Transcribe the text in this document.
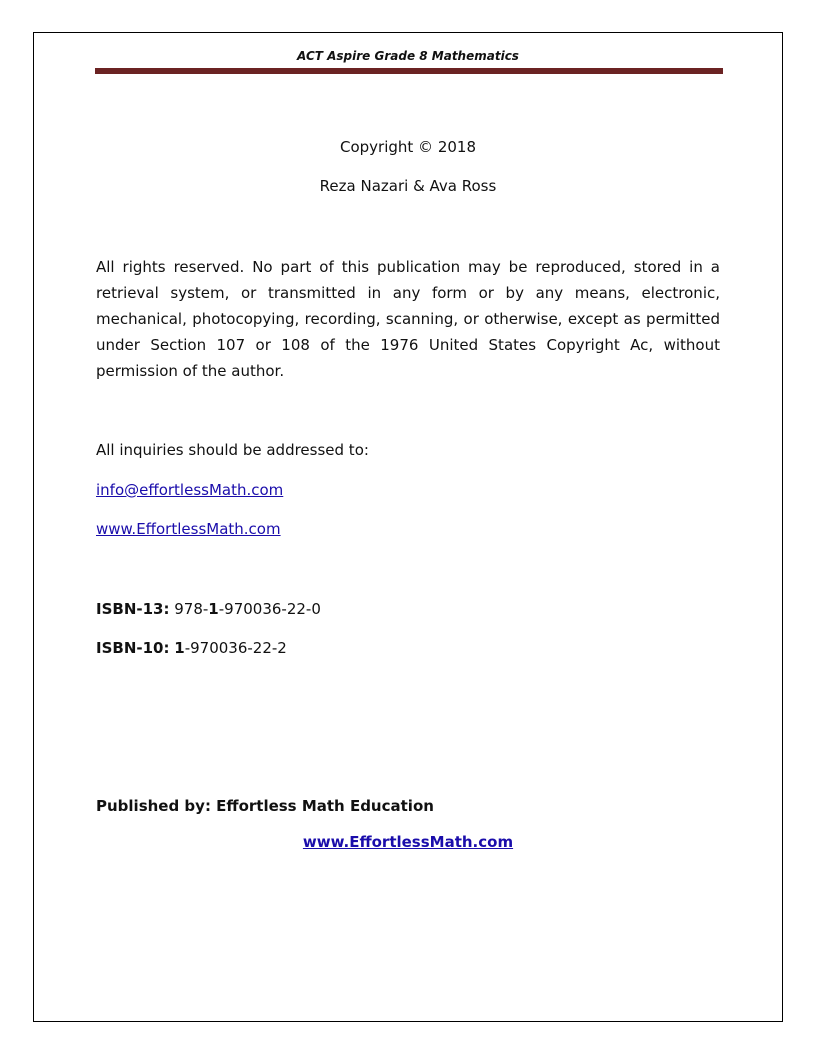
ACT Aspire Grade 8 Mathematics
Copyright © 2018
Reza Nazari & Ava Ross
All rights reserved. No part of this publication may be reproduced, stored in a retrieval system, or transmitted in any form or by any means, electronic, mechanical, photocopying, recording, scanning, or otherwise, except as permitted under Section 107 or 108 of the 1976 United States Copyright Ac, without permission of the author.
All inquiries should be addressed to:
info@effortlessMath.com
www.EffortlessMath.com
ISBN-13: 978-1-970036-22-0
ISBN-10: 1-970036-22-2
Published by: Effortless Math Education
www.EffortlessMath.com
